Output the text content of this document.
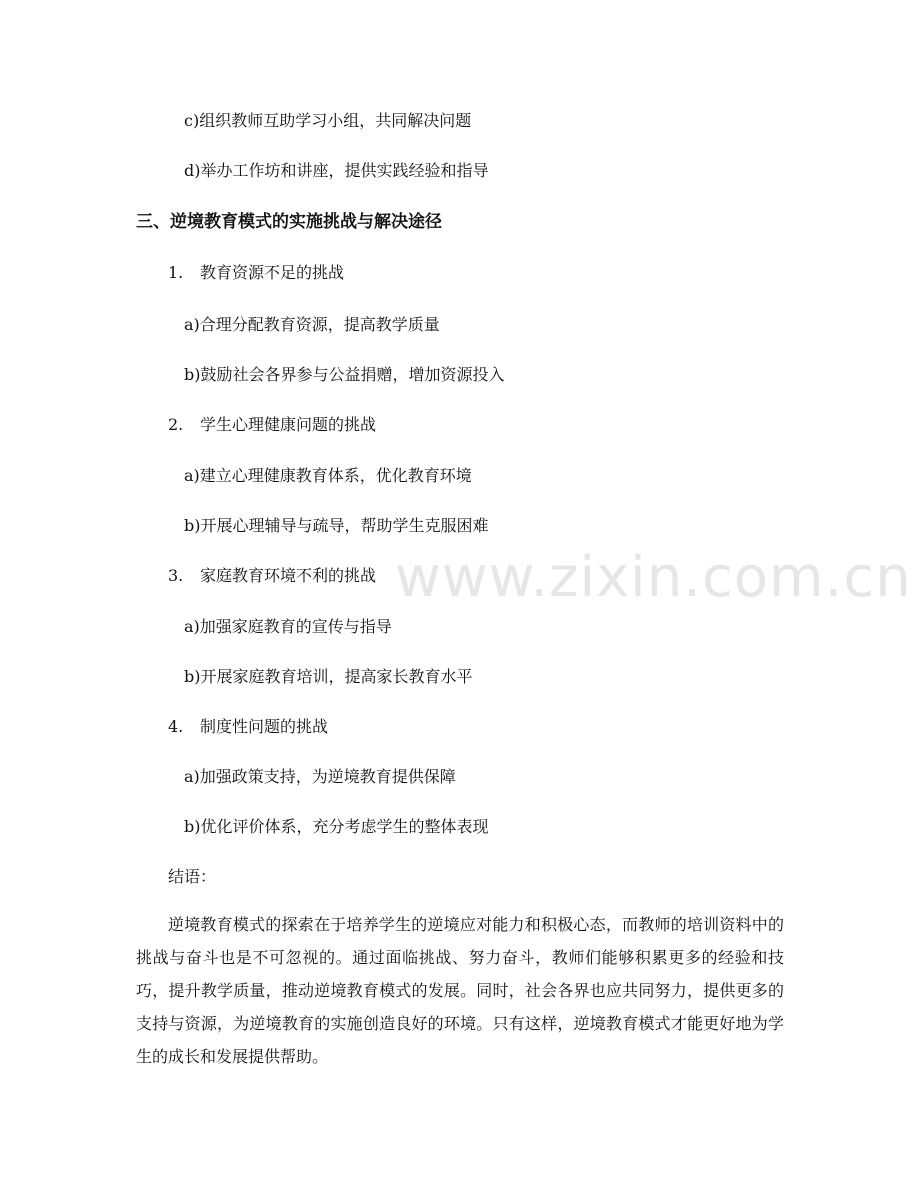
www.zixin.com.cn
c)组织教师互助学习小组，共同解决问题
d)举办工作坊和讲座，提供实践经验和指导
三、逆境教育模式的实施挑战与解决途径
1. 教育资源不足的挑战
a)合理分配教育资源，提高教学质量
b)鼓励社会各界参与公益捐赠，增加资源投入
2. 学生心理健康问题的挑战
a)建立心理健康教育体系，优化教育环境
b)开展心理辅导与疏导，帮助学生克服困难
3. 家庭教育环境不利的挑战
a)加强家庭教育的宣传与指导
b)开展家庭教育培训，提高家长教育水平
4. 制度性问题的挑战
a)加强政策支持，为逆境教育提供保障
b)优化评价体系，充分考虑学生的整体表现
结语：
逆境教育模式的探索在于培养学生的逆境应对能力和积极心态，而教师的培训资料中的挑战与奋斗也是不可忽视的。通过面临挑战、努力奋斗，教师们能够积累更多的经验和技巧，提升教学质量，推动逆境教育模式的发展。同时，社会各界也应共同努力，提供更多的支持与资源，为逆境教育的实施创造良好的环境。只有这样，逆境教育模式才能更好地为学生的成长和发展提供帮助。
